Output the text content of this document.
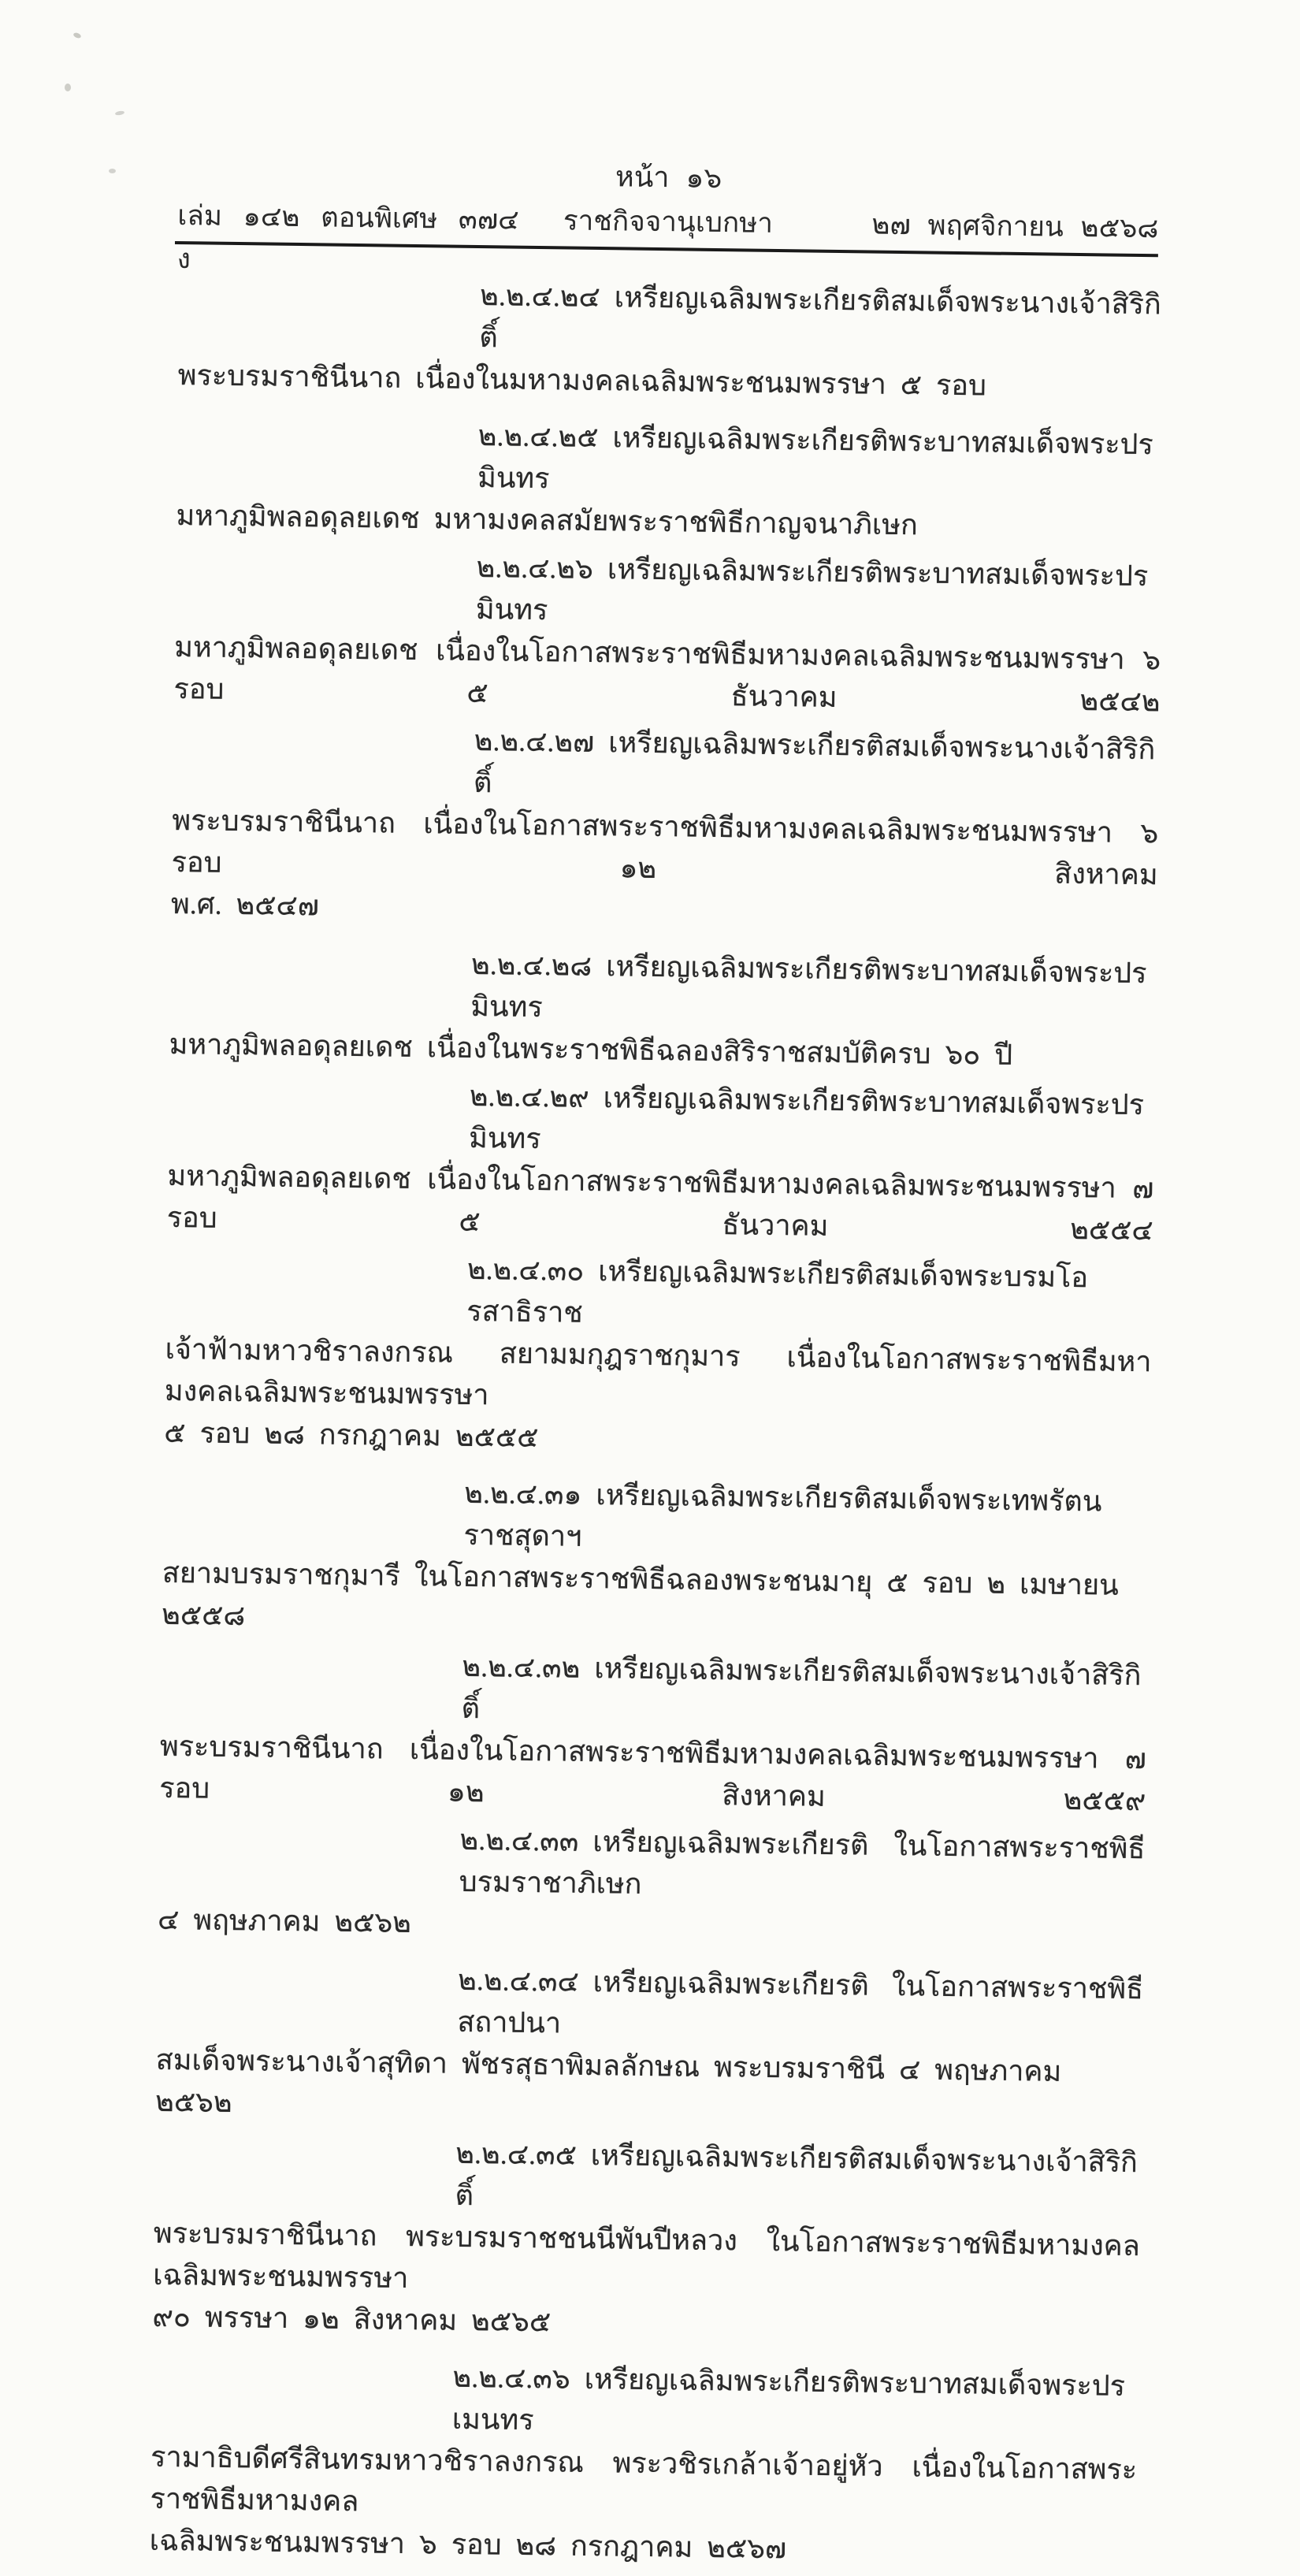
หน้า ๑๖
เล่ม ๑๔๒ ตอนพิเศษ ๓๗๔ ง
ราชกิจจานุเบกษา	๒๗ พฤศจิกายน ๒๕๖๘
๒.๒.๔.๒๔ เหรียญเฉลิมพระเกียรติสมเด็จพระนางเจ้าสิริกิติ์
พระบรมราชินีนาถ เนื่องในมหามงคลเฉลิมพระชนมพรรษา ๕ รอบ
๒.๒.๔.๒๕ เหรียญเฉลิมพระเกียรติพระบาทสมเด็จพระปรมินทร
มหาภูมิพลอดุลยเดช มหามงคลสมัยพระราชพิธีกาญจนาภิเษก
๒.๒.๔.๒๖ เหรียญเฉลิมพระเกียรติพระบาทสมเด็จพระปรมินทร
มหาภูมิพลอดุลยเดช เนื่องในโอกาสพระราชพิธีมหามงคลเฉลิมพระชนมพรรษา ๖ รอบ ๕ ธันวาคม ๒๕๔๒
๒.๒.๔.๒๗ เหรียญเฉลิมพระเกียรติสมเด็จพระนางเจ้าสิริกิติ์
พระบรมราชินีนาถ เนื่องในโอกาสพระราชพิธีมหามงคลเฉลิมพระชนมพรรษา ๖ รอบ ๑๒ สิงหาคม
พ.ศ. ๒๕๔๗
๒.๒.๔.๒๘ เหรียญเฉลิมพระเกียรติพระบาทสมเด็จพระปรมินทร
มหาภูมิพลอดุลยเดช เนื่องในพระราชพิธีฉลองสิริราชสมบัติครบ ๖๐ ปี
๒.๒.๔.๒๙ เหรียญเฉลิมพระเกียรติพระบาทสมเด็จพระปรมินทร
มหาภูมิพลอดุลยเดช เนื่องในโอกาสพระราชพิธีมหามงคลเฉลิมพระชนมพรรษา ๗ รอบ ๕ ธันวาคม ๒๕๕๔
๒.๒.๔.๓๐ เหรียญเฉลิมพระเกียรติสมเด็จพระบรมโอรสาธิราช
เจ้าฟ้ามหาวชิราลงกรณ สยามมกุฎราชกุมาร เนื่องในโอกาสพระราชพิธีมหามงคลเฉลิมพระชนมพรรษา
๕ รอบ ๒๘ กรกฎาคม ๒๕๕๕
๒.๒.๔.๓๑ เหรียญเฉลิมพระเกียรติสมเด็จพระเทพรัตนราชสุดาฯ
สยามบรมราชกุมารี ในโอกาสพระราชพิธีฉลองพระชนมายุ ๕ รอบ ๒ เมษายน ๒๕๕๘
๒.๒.๔.๓๒ เหรียญเฉลิมพระเกียรติสมเด็จพระนางเจ้าสิริกิติ์
พระบรมราชินีนาถ เนื่องในโอกาสพระราชพิธีมหามงคลเฉลิมพระชนมพรรษา ๗ รอบ ๑๒ สิงหาคม ๒๕๕๙
๒.๒.๔.๓๓ เหรียญเฉลิมพระเกียรติ ในโอกาสพระราชพิธีบรมราชาภิเษก
๔ พฤษภาคม ๒๕๖๒
๒.๒.๔.๓๔ เหรียญเฉลิมพระเกียรติ ในโอกาสพระราชพิธีสถาปนา
สมเด็จพระนางเจ้าสุทิดา พัชรสุธาพิมลลักษณ พระบรมราชินี ๔ พฤษภาคม ๒๕๖๒
๒.๒.๔.๓๕ เหรียญเฉลิมพระเกียรติสมเด็จพระนางเจ้าสิริกิติ์
พระบรมราชินีนาถ พระบรมราชชนนีพันปีหลวง ในโอกาสพระราชพิธีมหามงคลเฉลิมพระชนมพรรษา
๙๐ พรรษา ๑๒ สิงหาคม ๒๕๖๕
๒.๒.๔.๓๖ เหรียญเฉลิมพระเกียรติพระบาทสมเด็จพระปรเมนทร
รามาธิบดีศรีสินทรมหาวชิราลงกรณ พระวชิรเกล้าเจ้าอยู่หัว เนื่องในโอกาสพระราชพิธีมหามงคล
เฉลิมพระชนมพรรษา ๖ รอบ ๒๘ กรกฎาคม ๒๕๖๗
